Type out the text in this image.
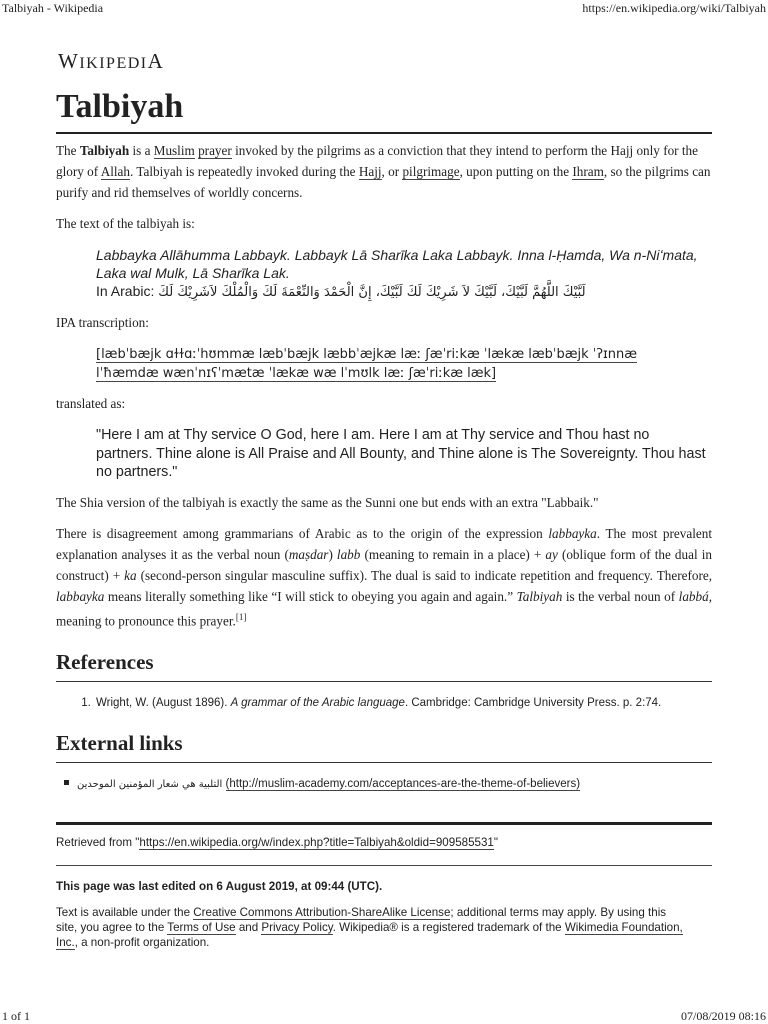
Talbiyah - Wikipedia	https://en.wikipedia.org/wiki/Talbiyah
WIKIPEDIA
Talbiyah

The Talbiyah is a Muslim prayer invoked by the pilgrims as a conviction that they intend to perform the Hajj only for the glory of Allah. Talbiyah is repeatedly invoked during the Hajj, or pilgrimage, upon putting on the Ihram, so the pilgrims can purify and rid themselves of worldly concerns.

The text of the talbiyah is:

Labbayka Allāhumma Labbayk. Labbayk Lā Sharīka Laka Labbayk. Inna l-Ḥamda, Wa n-Niʻmata, Laka wal Mulk, Lā Sharīka Lak.
In Arabic: لَبَّيْكَ اللَّهُمَّ لَبَّيْكَ، لَبَّيْكَ لاَ شَرِيْكَ لَكَ لَبَّيْكَ، إِنَّ الْحَمْدَ وَالنِّعْمَةَ لَكَ وَالْمُلْكَ لاَشَرِيْكَ لَكَ

IPA transcription:

[læbˈbæjk ɑɫɫɑːˈhʊmmæ læbˈbæjk læbbˈæjkæ læː ʃæˈriːkæ ˈlækæ læbˈbæjk ˈʔɪnnæ
lˈħæmdæ wænˈnɪʕˈmætæ ˈlækæ wæ lˈmʊlk læː ʃæˈriːkæ læk]

translated as:

"Here I am at Thy service O God, here I am. Here I am at Thy service and Thou hast no partners. Thine alone is All Praise and All Bounty, and Thine alone is The Sovereignty. Thou hast no partners."

The Shia version of the talbiyah is exactly the same as the Sunni one but ends with an extra "Labbaik."

There is disagreement among grammarians of Arabic as to the origin of the expression labbayka. The most prevalent explanation analyses it as the verbal noun (maṣdar) labb (meaning to remain in a place) + ay (oblique form of the dual in construct) + ka (second-person singular masculine suffix). The dual is said to indicate repetition and frequency. Therefore, labbayka means literally something like “I will stick to obeying you again and again.” Talbiyah is the verbal noun of labbá, meaning to pronounce this prayer.[1]

References
1. Wright, W. (August 1896). A grammar of the Arabic language. Cambridge: Cambridge University Press. p. 2:74.
External links
التلبية هي شعار المؤمنين الموحدين (http://muslim-academy.com/acceptances-are-the-theme-of-believers)
Retrieved from "https://en.wikipedia.org/w/index.php?title=Talbiyah&oldid=909585531"
This page was last edited on 6 August 2019, at 09:44 (UTC).
Text is available under the Creative Commons Attribution-ShareAlike License; additional terms may apply. By using this site, you agree to the Terms of Use and Privacy Policy. Wikipedia® is a registered trademark of the Wikimedia Foundation, Inc., a non-profit organization.
1 of 1	07/08/2019 08:16
